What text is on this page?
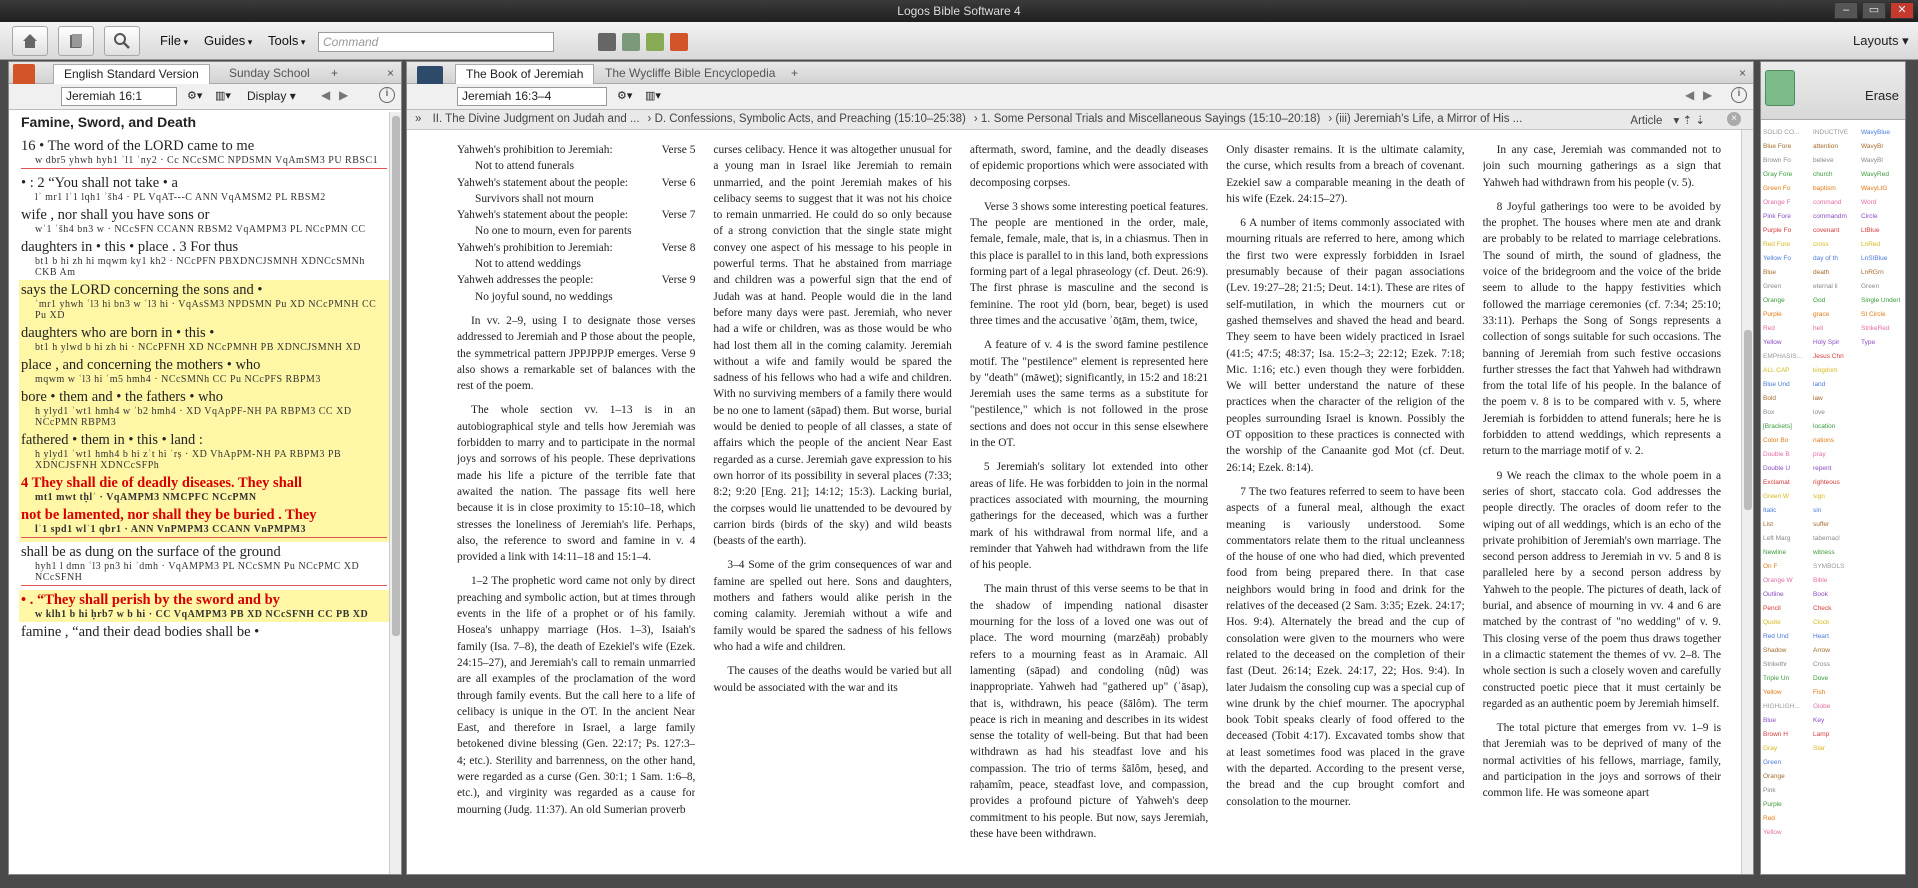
Logos Bible Software 4	–	▭	✕
File ▾	Guides ▾	Tools ▾	Command	Layouts ▾
English Standard Version	Sunday School	+	×
Jeremiah 16:1	⚙▾ ▥▾ Display ▾ ◀ ▶	i
Famine, Sword, and Death
16 • The word of the LORD came to me
w dbr5 yhwh hyh1 ʾl1 ʾny2 · Cc NCcSMC NPDSMN VqAmSM3 PU RBSC1
• : 2 “You shall not take • a
lʾ mr1 lʾ1 lqh1 ʾšh4 · PL VqAT---C ANN VqAMSM2 PL RBSM2
wife , nor shall you have sons or
wʾ1 ʾšh4 bn3 w · NCcSFN CCANN RBSM2 VqAMPM3 PL NCcPMN CC
daughters in • this • place . 3 For thus
bt1 b hi zh hi mqwm ky1 kh2 · NCcPFN PBXDNCJSMNH XDNCcSMNh CKB Am
says the LORD concerning the sons and •
ʾmr1 yhwh ʿl3 hi bn3 w ʿl3 hi · VqAsSM3 NPDSMN Pu XD NCcPMNH CC Pu XD
daughters who are born in • this •
bt1 h ylwd b hi zh hi · NCcPFNH XD NCcPMNH PB XDNCJSMNH XD
place , and concerning the mothers • who
mqwm w ʿl3 hi ʾm5 hmh4 · NCcSMNh CC Pu NCcPFS RBPM3
bore • them and • the fathers • who
h ylyd1 ʾwt1 hmh4 w ʾb2 hmh4 · XD VqApPF-NH PA RBPM3 CC XD NCcPMN RBPM3
fathered • them in • this • land :
h ylyd1 ʾwt1 hmh4 b hi zʾt hi ʾrṣ · XD VhApPM-NH PA RBPM3 PB XDNCJSFNH XDNCcSFPh
4 They shall die of deadly diseases. They shall
mt1 mwt tḥlʾ · VqAMPM3 NMCPFC NCcPMN
not be lamented, nor shall they be buried . They
lʾ1 spd1 wlʾ1 qbr1 · ANN VnPMPM3 CCANN VnPMPM3
shall be as dung on the surface of the ground
hyh1 l dmn ʿl3 pn3 hi ʾdmh · VqAMPM3 PL NCcSMN Pu NCcPMC XD NCcSFNH
• . “They shall perish by the sword and by
w klh1 b hi ḥrb7 w b hi · CC VqAMPM3 PB XD NCcSFNH CC PB XD
famine , “and their dead bodies shall be •
The Book of Jeremiah	The Wycliffe Bible Encyclopedia	+	×
Jeremiah 16:3–4	⚙▾ ▥▾	◀ ▶	i
» II. The Divine Judgment on Judah and ... › D. Confessions, Symbolic Acts, and Preaching (15:10–25:38) › 1. Some Personal Trials and Miscellaneous Sayings (15:10–20:18) › (iii) Jeremiah's Life, a Mirror of His ...	Article ▾ ⇡ ⇣	×
Yahweh's prohibition to Jeremiah:	Verse 5
Not to attend funerals
Yahweh's statement about the people:	Verse 6
Survivors shall not mourn
Yahweh's statement about the people:	Verse 7
No one to mourn, even for parents
Yahweh's prohibition to Jeremiah:	Verse 8
Not to attend weddings
Yahweh addresses the people:	Verse 9
No joyful sound, no weddings

In vv. 2–9, using I to designate those verses addressed to Jeremiah and P those about the people, the symmetrical pattern JPPJPPJP emerges. Verse 9 also shows a remarkable set of balances with the rest of the poem.

The whole section vv. 1–13 is in an autobiographical style and tells how Jeremiah was forbidden to marry and to participate in the normal joys and sorrows of his people. These deprivations made his life a picture of the terrible fate that awaited the nation. The passage fits well here because it is in close proximity to 15:10–18, which stresses the loneliness of Jeremiah's life. Perhaps, also, the reference to sword and famine in v. 4 provided a link with 14:11–18 and 15:1–4.

1–2 The prophetic word came not only by direct preaching and symbolic action, but at times through events in the life of a prophet or of his family. Hosea's unhappy marriage (Hos. 1–3), Isaiah's family (Isa. 7–8), the death of Ezekiel's wife (Ezek. 24:15–27), and Jeremiah's call to remain unmarried are all examples of the proclamation of the word through family events. But the call here to a life of celibacy is unique in the OT. In the ancient Near East, and therefore in Israel, a large family betokened divine blessing (Gen. 22:17; Ps. 127:3–4; etc.). Sterility and barrenness, on the other hand, were regarded as a curse (Gen. 30:1; 1 Sam. 1:6–8, etc.), and virginity was regarded as a cause for mourning (Judg. 11:37). An old Sumerian proverb

curses celibacy. Hence it was altogether unusual for a young man in Israel like Jeremiah to remain unmarried, and the point Jeremiah makes of his celibacy seems to suggest that it was not his choice to remain unmarried. He could do so only because of a strong conviction that the single state might convey one aspect of his message to his people in powerful terms. That he abstained from marriage and children was a powerful sign that the end of Judah was at hand. People would die in the land before many days were past. Jeremiah, who never had a wife or children, was as those would be who had lost them all in the coming calamity. Jeremiah without a wife and family would be spared the sadness of his fellows who had a wife and children. With no surviving members of a family there would be no one to lament (sāpad) them. But worse, burial would be denied to people of all classes, a state of affairs which the people of the ancient Near East regarded as a curse. Jeremiah gave expression to his own horror of its possibility in several places (7:33; 8:2; 9:20 [Eng. 21]; 14:12; 15:3). Lacking burial, the corpses would lie unattended to be devoured by carrion birds (birds of the sky) and wild beasts (beasts of the earth).

3–4 Some of the grim consequences of war and famine are spelled out here. Sons and daughters, mothers and fathers would alike perish in the coming calamity. Jeremiah without a wife and family would be spared the sadness of his fellows who had a wife and children.

The causes of the deaths would be varied but all would be associated with the war and its

aftermath, sword, famine, and the deadly diseases of epidemic proportions which were associated with decomposing corpses.

Verse 3 shows some interesting poetical features. The people are mentioned in the order, male, female, female, male, that is, in a chiasmus. Then in this place is parallel to in this land, both expressions forming part of a legal phraseology (cf. Deut. 26:9). The first phrase is masculine and the second is feminine. The root yld (born, bear, beget) is used three times and the accusative ʾōṯām, them, twice,

A feature of v. 4 is the sword famine pestilence motif. The "pestilence" element is represented here by "death" (māweṯ); significantly, in 15:2 and 18:21 Jeremiah uses the same terms as a substitute for "pestilence," which is not followed in the prose sections and does not occur in this sense elsewhere in the OT.

5 Jeremiah's solitary lot extended into other areas of life. He was forbidden to join in the normal practices associated with mourning, the mourning gatherings for the deceased, which was a further mark of his withdrawal from normal life, and a reminder that Yahweh had withdrawn from the life of his people.

The main thrust of this verse seems to be that in the shadow of impending national disaster mourning for the loss of a loved one was out of place. The word mourning (marzēaḥ) probably refers to a mourning feast as in Aramaic. All lamenting (sāpad) and condoling (nûḏ) was inappropriate. Yahweh had "gathered up" (ʾāsap), that is, withdrawn, his peace (šālôm). The term peace is rich in meaning and describes in its widest sense the totality of well-being. But that had been withdrawn as had his steadfast love and his compassion. The trio of terms šālôm, ḥeseḏ, and raḥamîm, peace, steadfast love, and compassion, provides a profound picture of Yahweh's deep commitment to his people. But now, says Jeremiah, these have been withdrawn.

Only disaster remains. It is the ultimate calamity, the curse, which results from a breach of covenant. Ezekiel saw a comparable meaning in the death of his wife (Ezek. 24:15–27).

6 A number of items commonly associated with mourning rituals are referred to here, among which the first two were expressly forbidden in Israel presumably because of their pagan associations (Lev. 19:27–28; 21:5; Deut. 14:1). These are rites of self-mutilation, in which the mourners cut or gashed themselves and shaved the head and beard. They seem to have been widely practiced in Israel (41:5; 47:5; 48:37; Isa. 15:2–3; 22:12; Ezek. 7:18; Mic. 1:16; etc.) even though they were forbidden. We will better understand the nature of these practices when the character of the religion of the peoples surrounding Israel is known. Possibly the OT opposition to these practices is connected with the worship of the Canaanite god Mot (cf. Deut. 26:14; Ezek. 8:14).

7 The two features referred to seem to have been aspects of a funeral meal, although the exact meaning is variously understood. Some commentators relate them to the ritual uncleanness of the house of one who had died, which prevented food from being prepared there. In that case neighbors would bring in food and drink for the relatives of the deceased (2 Sam. 3:35; Ezek. 24:17; Hos. 9:4). Alternately the bread and the cup of consolation were given to the mourners who were related to the deceased on the completion of their fast (Deut. 26:14; Ezek. 24:17, 22; Hos. 9:4). In later Judaism the consoling cup was a special cup of wine drunk by the chief mourner. The apocryphal book Tobit speaks clearly of food offered to the deceased (Tobit 4:17). Excavated tombs show that at least sometimes food was placed in the grave with the departed. According to the present verse, the bread and the cup brought comfort and consolation to the mourner.

In any case, Jeremiah was commanded not to join such mourning gatherings as a sign that Yahweh had withdrawn from his people (v. 5).

8 Joyful gatherings too were to be avoided by the prophet. The houses where men ate and drank are probably to be related to marriage celebrations. The sound of mirth, the sound of gladness, the voice of the bridegroom and the voice of the bride seem to allude to the happy festivities which followed the marriage ceremonies (cf. 7:34; 25:10; 33:11). Perhaps the Song of Songs represents a collection of songs suitable for such occasions. The banning of Jeremiah from such festive occasions further stresses the fact that Yahweh had withdrawn from the total life of his people. In the balance of the poem v. 8 is to be compared with v. 5, where Jeremiah is forbidden to attend funerals; here he is forbidden to attend weddings, which represents a return to the marriage motif of v. 2.

9 We reach the climax to the whole poem in a series of short, staccato cola. God addresses the people directly. The oracles of doom refer to the wiping out of all weddings, which is an echo of the private prohibition of Jeremiah's own marriage. The second person address to Jeremiah in vv. 5 and 8 is paralleled here by a second person address by Yahweh to the people. The pictures of death, lack of burial, and absence of mourning in vv. 4 and 6 are matched by the contrast of "no wedding" of v. 9. This closing verse of the poem thus draws together in a climactic statement the themes of vv. 2–8. The whole section is such a closely woven and carefully constructed poetic piece that it must certainly be regarded as an authentic poem by Jeremiah himself.

The total picture that emerges from vv. 1–9 is that Jeremiah was to be deprived of many of the normal activities of his fellows, marriage, family, and participation in the joys and sorrows of their common life. He was someone apart

Erase
SOLID CO...
Blue Fore
Brown Fo
Gray Fore
Green Fo
Orange F
Pink Fore
Purple Fo
Red Fore
Yellow Fo
Blue
Green
Orange
Purple
Red
Yellow
EMPHASIS...
ALL CAP
Blue Und
Bold
Box
[Brackets]
Color Bo
Double B
Double U
Exclamat
Green W
Italic
List
Left Marg
Newline
On F
Orange W
Outline
Pencil
Quote
Red Und
Shadow
Strikethr
Triple Un
Yellow
HIGHLIGH...
Blue
Brown H
Gray
Green
Orange
Pink
Purple
Red
Yellow
INDUCTIVE
attention
believe
church
baptism
command
commandm
covenant
cross
day of th
death
eternal li
God
grace
hell
Holy Spir
Jesus Chri
kingdom
land
law
love
location
nations
pray
repent
righteous
sign
sin
suffer
tabernacl
witness
SYMBOLS
Bible
Book
Check
Clock
Heart
Arrow
Cross
Dove
Fish
Globe
Key
Lamp
Star
WavyBlue
WavyBr
WavyBl
WavyRed
WavyLtG
Word
Circle
LtBlue
LnRed
LnSIBlue
LnRGrn
Green
Single Underl
SI Circle
StrikeRed
Type
